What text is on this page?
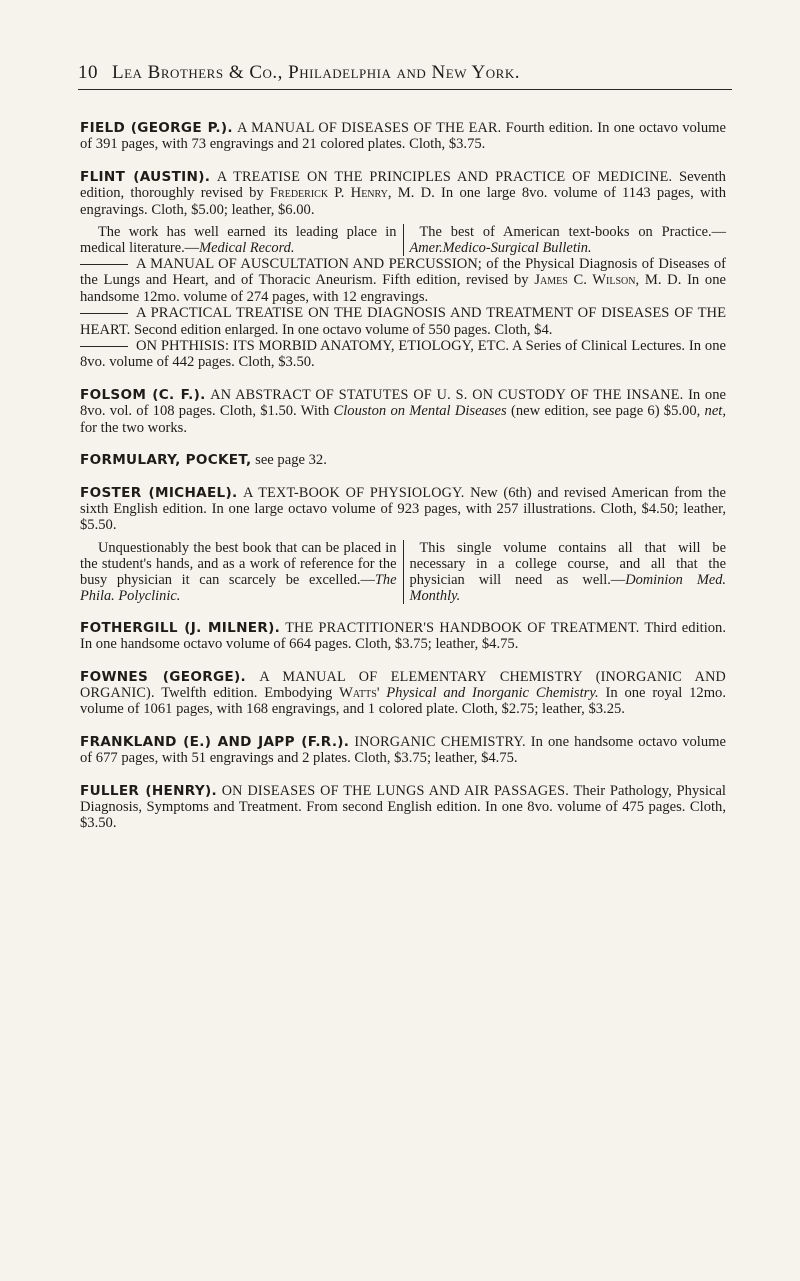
10 Lea Brothers & Co., Philadelphia and New York.

FIELD (GEORGE P.). A MANUAL OF DISEASES OF THE EAR. Fourth edition. In one octavo volume of 391 pages, with 73 engravings and 21 colored plates. Cloth, $3.75.

FLINT (AUSTIN). A TREATISE ON THE PRINCIPLES AND PRACTICE OF MEDICINE. Seventh edition, thoroughly revised by Frederick P. Henry, M. D. In one large 8vo. volume of 1143 pages, with engravings. Cloth, $5.00; leather, $6.00.

The work has well earned its leading place in medical literature.—Medical Record.
The best of American text-books on Practice.—Amer.Medico-Surgical Bulletin.

A MANUAL OF AUSCULTATION AND PERCUSSION; of the Physical Diagnosis of Diseases of the Lungs and Heart, and of Thoracic Aneurism. Fifth edition, revised by James C. Wilson, M. D. In one handsome 12mo. volume of 274 pages, with 12 engravings.

A PRACTICAL TREATISE ON THE DIAGNOSIS AND TREATMENT OF DISEASES OF THE HEART. Second edition enlarged. In one octavo volume of 550 pages. Cloth, $4.

ON PHTHISIS: ITS MORBID ANATOMY, ETIOLOGY, ETC. A Series of Clinical Lectures. In one 8vo. volume of 442 pages. Cloth, $3.50.

FOLSOM (C. F.). AN ABSTRACT OF STATUTES OF U. S. ON CUSTODY OF THE INSANE. In one 8vo. vol. of 108 pages. Cloth, $1.50. With Clouston on Mental Diseases (new edition, see page 6) $5.00, net, for the two works.

FORMULARY, POCKET, see page 32.

FOSTER (MICHAEL). A TEXT-BOOK OF PHYSIOLOGY. New (6th) and revised American from the sixth English edition. In one large octavo volume of 923 pages, with 257 illustrations. Cloth, $4.50; leather, $5.50.

Unquestionably the best book that can be placed in the student's hands, and as a work of reference for the busy physician it can scarcely be excelled.—The Phila. Polyclinic.
This single volume contains all that will be necessary in a college course, and all that the physician will need as well.—Dominion Med. Monthly.

FOTHERGILL (J. MILNER). THE PRACTITIONER'S HANDBOOK OF TREATMENT. Third edition. In one handsome octavo volume of 664 pages. Cloth, $3.75; leather, $4.75.

FOWNES (GEORGE). A MANUAL OF ELEMENTARY CHEMISTRY (INORGANIC AND ORGANIC). Twelfth edition. Embodying Watts' Physical and Inorganic Chemistry. In one royal 12mo. volume of 1061 pages, with 168 engravings, and 1 colored plate. Cloth, $2.75; leather, $3.25.

FRANKLAND (E.) AND JAPP (F.R.). INORGANIC CHEMISTRY. In one handsome octavo volume of 677 pages, with 51 engravings and 2 plates. Cloth, $3.75; leather, $4.75.

FULLER (HENRY). ON DISEASES OF THE LUNGS AND AIR PASSAGES. Their Pathology, Physical Diagnosis, Symptoms and Treatment. From second English edition. In one 8vo. volume of 475 pages. Cloth, $3.50.
